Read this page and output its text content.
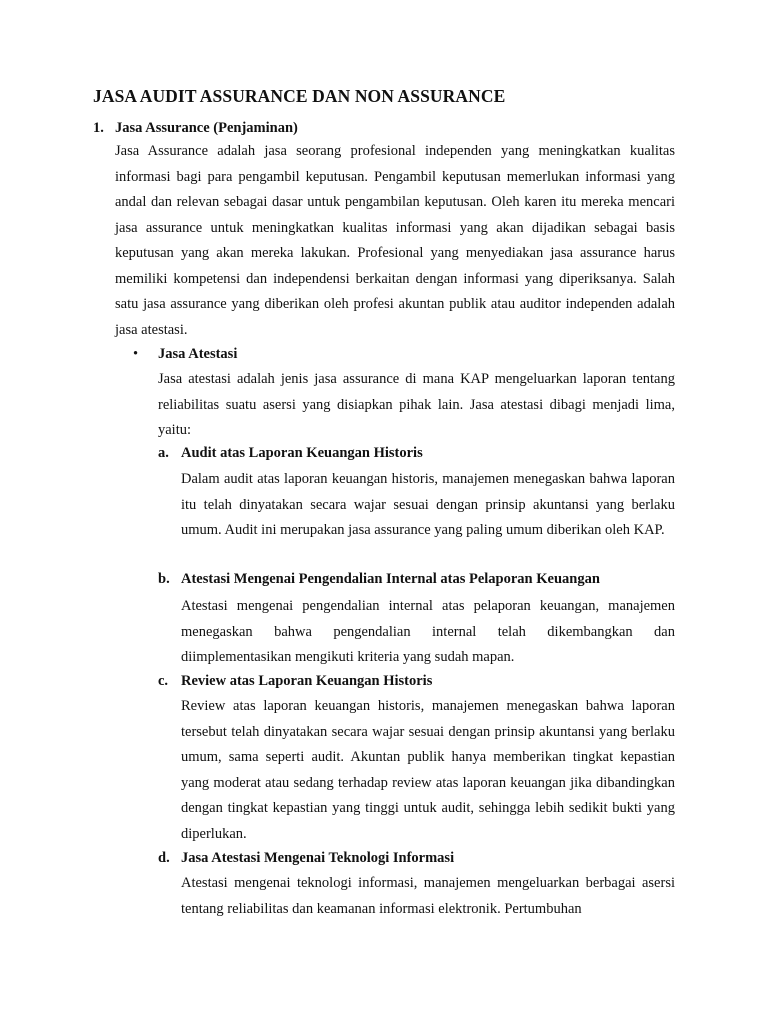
JASA AUDIT ASSURANCE DAN NON ASSURANCE
1. Jasa Assurance (Penjaminan)

Jasa Assurance adalah jasa seorang profesional independen yang meningkatkan kualitas informasi bagi para pengambil keputusan. Pengambil keputusan memerlukan informasi yang andal dan relevan sebagai dasar untuk pengambilan keputusan. Oleh karen itu mereka mencari jasa assurance untuk meningkatkan kualitas informasi yang akan dijadikan sebagai basis keputusan yang akan mereka lakukan. Profesional yang menyediakan jasa assurance harus memiliki kompetensi dan independensi berkaitan dengan informasi yang diperiksanya. Salah satu jasa assurance yang diberikan oleh profesi akuntan publik atau auditor independen adalah jasa atestasi.

• Jasa Atestasi

Jasa atestasi adalah jenis jasa assurance di mana KAP mengeluarkan laporan tentang reliabilitas suatu asersi yang disiapkan pihak lain. Jasa atestasi dibagi menjadi lima, yaitu:

a. Audit atas Laporan Keuangan Historis

Dalam audit atas laporan keuangan historis, manajemen menegaskan bahwa laporan itu telah dinyatakan secara wajar sesuai dengan prinsip akuntansi yang berlaku umum. Audit ini merupakan jasa assurance yang paling umum diberikan oleh KAP.

b. Atestasi Mengenai Pengendalian Internal atas Pelaporan Keuangan

Atestasi mengenai pengendalian internal atas pelaporan keuangan, manajemen menegaskan bahwa pengendalian internal telah dikembangkan dan diimplementasikan mengikuti kriteria yang sudah mapan.

c. Review atas Laporan Keuangan Historis

Review atas laporan keuangan historis, manajemen menegaskan bahwa laporan tersebut telah dinyatakan secara wajar sesuai dengan prinsip akuntansi yang berlaku umum, sama seperti audit. Akuntan publik hanya memberikan tingkat kepastian yang moderat atau sedang terhadap review atas laporan keuangan jika dibandingkan dengan tingkat kepastian yang tinggi untuk audit, sehingga lebih sedikit bukti yang diperlukan.

d. Jasa Atestasi Mengenai Teknologi Informasi

Atestasi mengenai teknologi informasi, manajemen mengeluarkan berbagai asersi tentang reliabilitas dan keamanan informasi elektronik. Pertumbuhan
